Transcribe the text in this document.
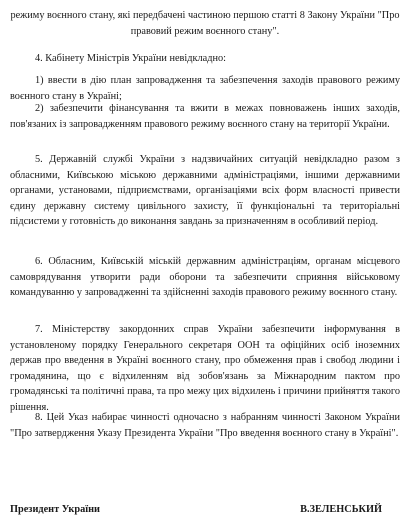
режиму воєнного стану, які передбачені частиною першою статті 8 Закону України "Про правовий режим воєнного стану".

4. Кабінету Міністрів України невідкладно:

1) ввести в дію план запровадження та забезпечення заходів правового режиму воєнного стану в Україні;

2) забезпечити фінансування та вжити в межах повноважень інших заходів, пов'язаних із запровадженням правового режиму воєнного стану на території України.

5. Державній службі України з надзвичайних ситуацій невідкладно разом з обласними, Київською міською державними адміністраціями, іншими державними органами, установами, підприємствами, організаціями всіх форм власності привести єдину державну систему цивільного захисту, її функціональні та територіальні підсистеми у готовність до виконання завдань за призначенням в особливий період.

6. Обласним, Київській міській державним адміністраціям, органам місцевого самоврядування утворити ради оборони та забезпечити сприяння військовому командуванню у запровадженні та здійсненні заходів правового режиму воєнного стану.

7. Міністерству закордонних справ України забезпечити інформування в установленому порядку Генерального секретаря ООН та офіційних осіб іноземних держав про введення в Україні воєнного стану, про обмеження прав і свобод людини і громадянина, що є відхиленням від зобов'язань за Міжнародним пактом про громадянські та політичні права, та про межу цих відхилень і причини прийняття такого рішення.

8. Цей Указ набирає чинності одночасно з набранням чинності Законом України "Про затвердження Указу Президента України "Про введення воєнного стану в Україні".

Президент України	В.ЗЕЛЕНСЬКИЙ
